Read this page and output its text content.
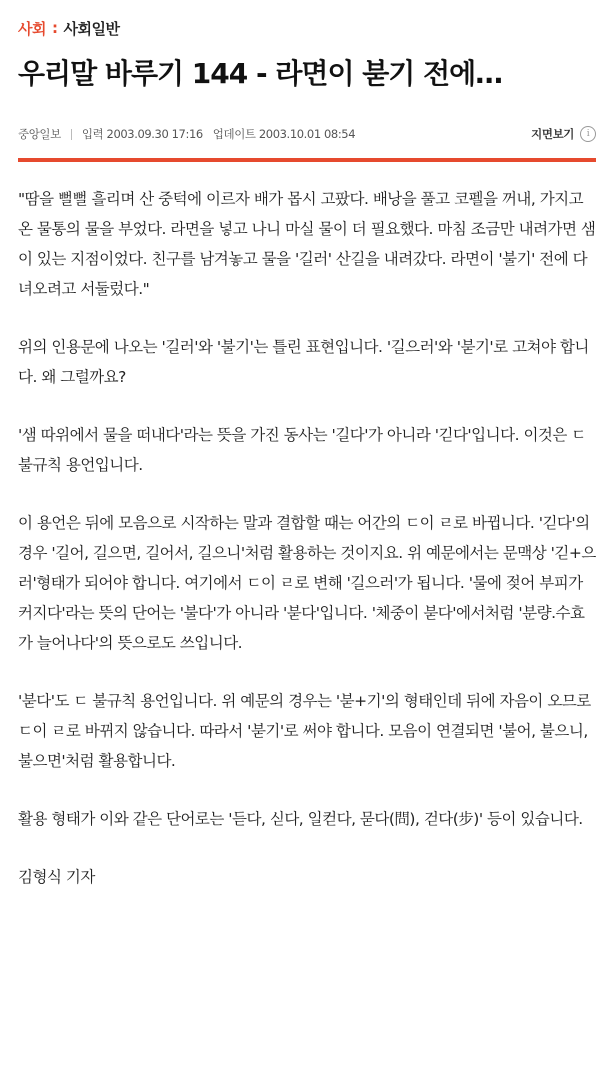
사회 : 사회일반
우리말 바루기 144 - 라면이 붇기 전에…
중앙일보 입력
2003.09.30 17:16 업데이트
2003.10.01 08:54	지면보기	i

"땀을 뻘뻘 흘리며 산 중턱에 이르자 배가 몹시 고팠다. 배낭을 풀고 코펠을 꺼내, 가지고 온 물통의 물을 부었다. 라면을 넣고 나니 마실 물이 더 필요했다. 마침 조금만 내려가면 샘이 있는 지점이었다. 친구를 남겨놓고 물을 '길러' 산길을 내려갔다. 라면이 '불기' 전에 다녀오려고 서둘렀다."

위의 인용문에 나오는 '길러'와 '불기'는 틀린 표현입니다. '길으러'와 '붇기'로 고쳐야 합니다. 왜 그럴까요?

'샘 따위에서 물을 떠내다'라는 뜻을 가진 동사는 '길다'가 아니라 '긷다'입니다. 이것은 ㄷ 불규칙 용언입니다.

이 용언은 뒤에 모음으로 시작하는 말과 결합할 때는 어간의 ㄷ이 ㄹ로 바뀝니다. '긷다'의 경우 '길어, 길으면, 길어서, 길으니'처럼 활용하는 것이지요. 위 예문에서는 문맥상 '긷+으러'형태가 되어야 합니다. 여기에서 ㄷ이 ㄹ로 변해 '길으러'가 됩니다. '물에 젖어 부피가 커지다'라는 뜻의 단어는 '불다'가 아니라 '붇다'입니다. '체중이 붇다'에서처럼 '분량.수효가 늘어나다'의 뜻으로도 쓰입니다.

'붇다'도 ㄷ 불규칙 용언입니다. 위 예문의 경우는 '붇+기'의 형태인데 뒤에 자음이 오므로 ㄷ이 ㄹ로 바뀌지 않습니다. 따라서 '붇기'로 써야 합니다. 모음이 연결되면 '불어, 불으니, 불으면'처럼 활용합니다.

활용 형태가 이와 같은 단어로는 '듣다, 싣다, 일컫다, 묻다(問), 걷다(步)' 등이 있습니다.

김형식 기자
